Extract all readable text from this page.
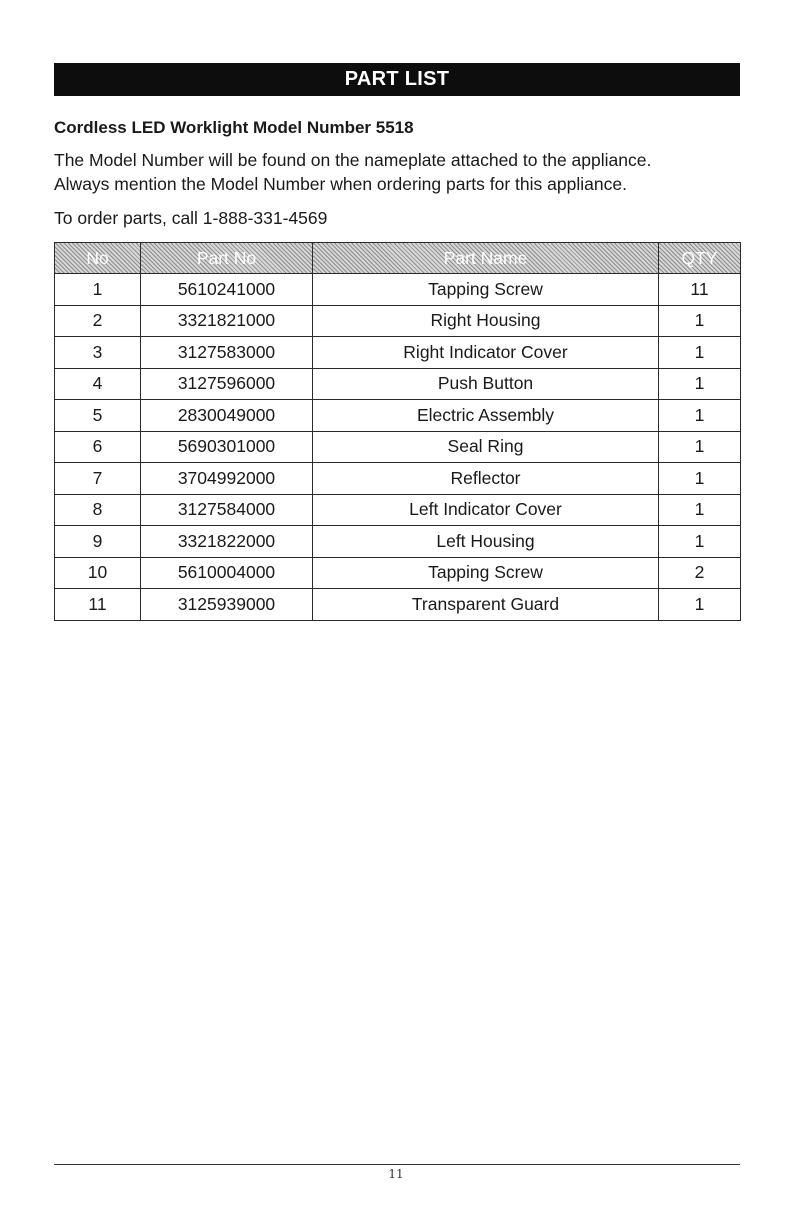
PART LIST
Cordless LED Worklight Model Number 5518

The Model Number will be found on the nameplate attached to the appliance.
Always mention the Model Number when ordering parts for this appliance.

To order parts, call 1-888-331-4569
No	Part No	Part Name	QTY
1	5610241000	Tapping Screw	11
2	3321821000	Right Housing	1
3	3127583000	Right Indicator Cover	1
4	3127596000	Push Button	1
5	2830049000	Electric Assembly	1
6	5690301000	Seal Ring	1
7	3704992000	Reflector	1
8	3127584000	Left Indicator Cover	1
9	3321822000	Left Housing	1
10	5610004000	Tapping Screw	2
11	3125939000	Transparent Guard	1
11
